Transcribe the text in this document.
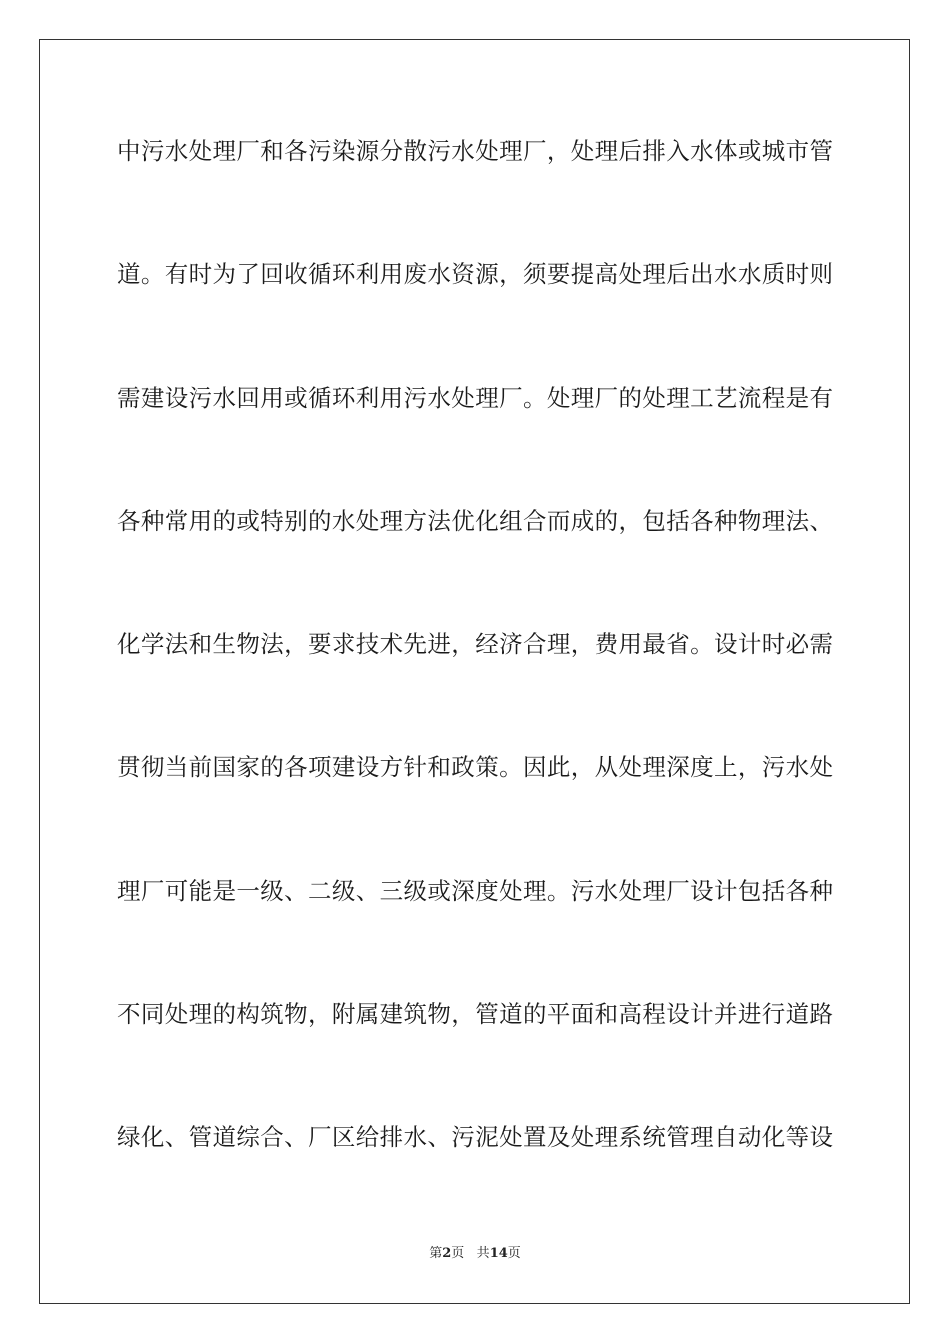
中污水处理厂和各污染源分散污水处理厂，处理后排入水体或城市管
道。有时为了回收循环利用废水资源，须要提高处理后出水水质时则
需建设污水回用或循环利用污水处理厂。处理厂的处理工艺流程是有
各种常用的或特别的水处理方法优化组合而成的，包括各种物理法、
化学法和生物法，要求技术先进，经济合理，费用最省。设计时必需
贯彻当前国家的各项建设方针和政策。因此，从处理深度上，污水处
理厂可能是一级、二级、三级或深度处理。污水处理厂设计包括各种
不同处理的构筑物，附属建筑物，管道的平面和高程设计并进行道路
绿化、管道综合、厂区给排水、污泥处置及处理系统管理自动化等设
第2页 共14页
